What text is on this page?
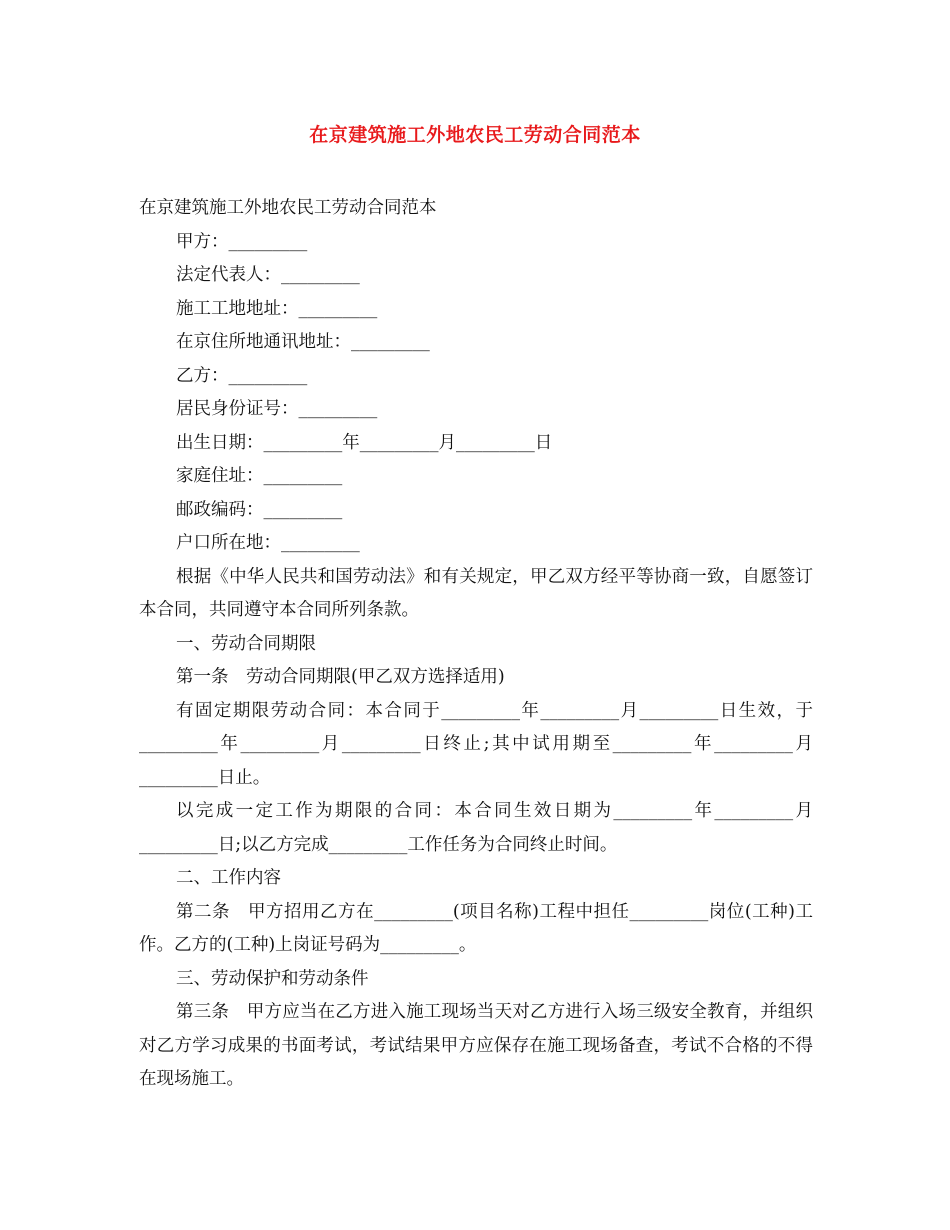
在京建筑施工外地农民工劳动合同范本

在京建筑施工外地农民工劳动合同范本

甲方：_________

法定代表人：_________

施工工地地址：_________

在京住所地通讯地址：_________

乙方：_________

居民身份证号：_________

出生日期：_________年_________月_________日

家庭住址：_________

邮政编码：_________

户口所在地：_________

根据《中华人民共和国劳动法》和有关规定，甲乙双方经平等协商一致，自愿签订本合同，共同遵守本合同所列条款。

一、劳动合同期限

第一条　劳动合同期限(甲乙双方选择适用)

有固定期限劳动合同：本合同于_________年_________月_________日生效，于_________年_________月_________日终止;其中试用期至_________年_________月_________日止。

以完成一定工作为期限的合同：本合同生效日期为_________年_________月_________日;以乙方完成_________工作任务为合同终止时间。

二、工作内容

第二条　甲方招用乙方在_________(项目名称)工程中担任_________岗位(工种)工作。乙方的(工种)上岗证号码为_________。

三、劳动保护和劳动条件

第三条　甲方应当在乙方进入施工现场当天对乙方进行入场三级安全教育，并组织对乙方学习成果的书面考试，考试结果甲方应保存在施工现场备查，考试不合格的不得在现场施工。
